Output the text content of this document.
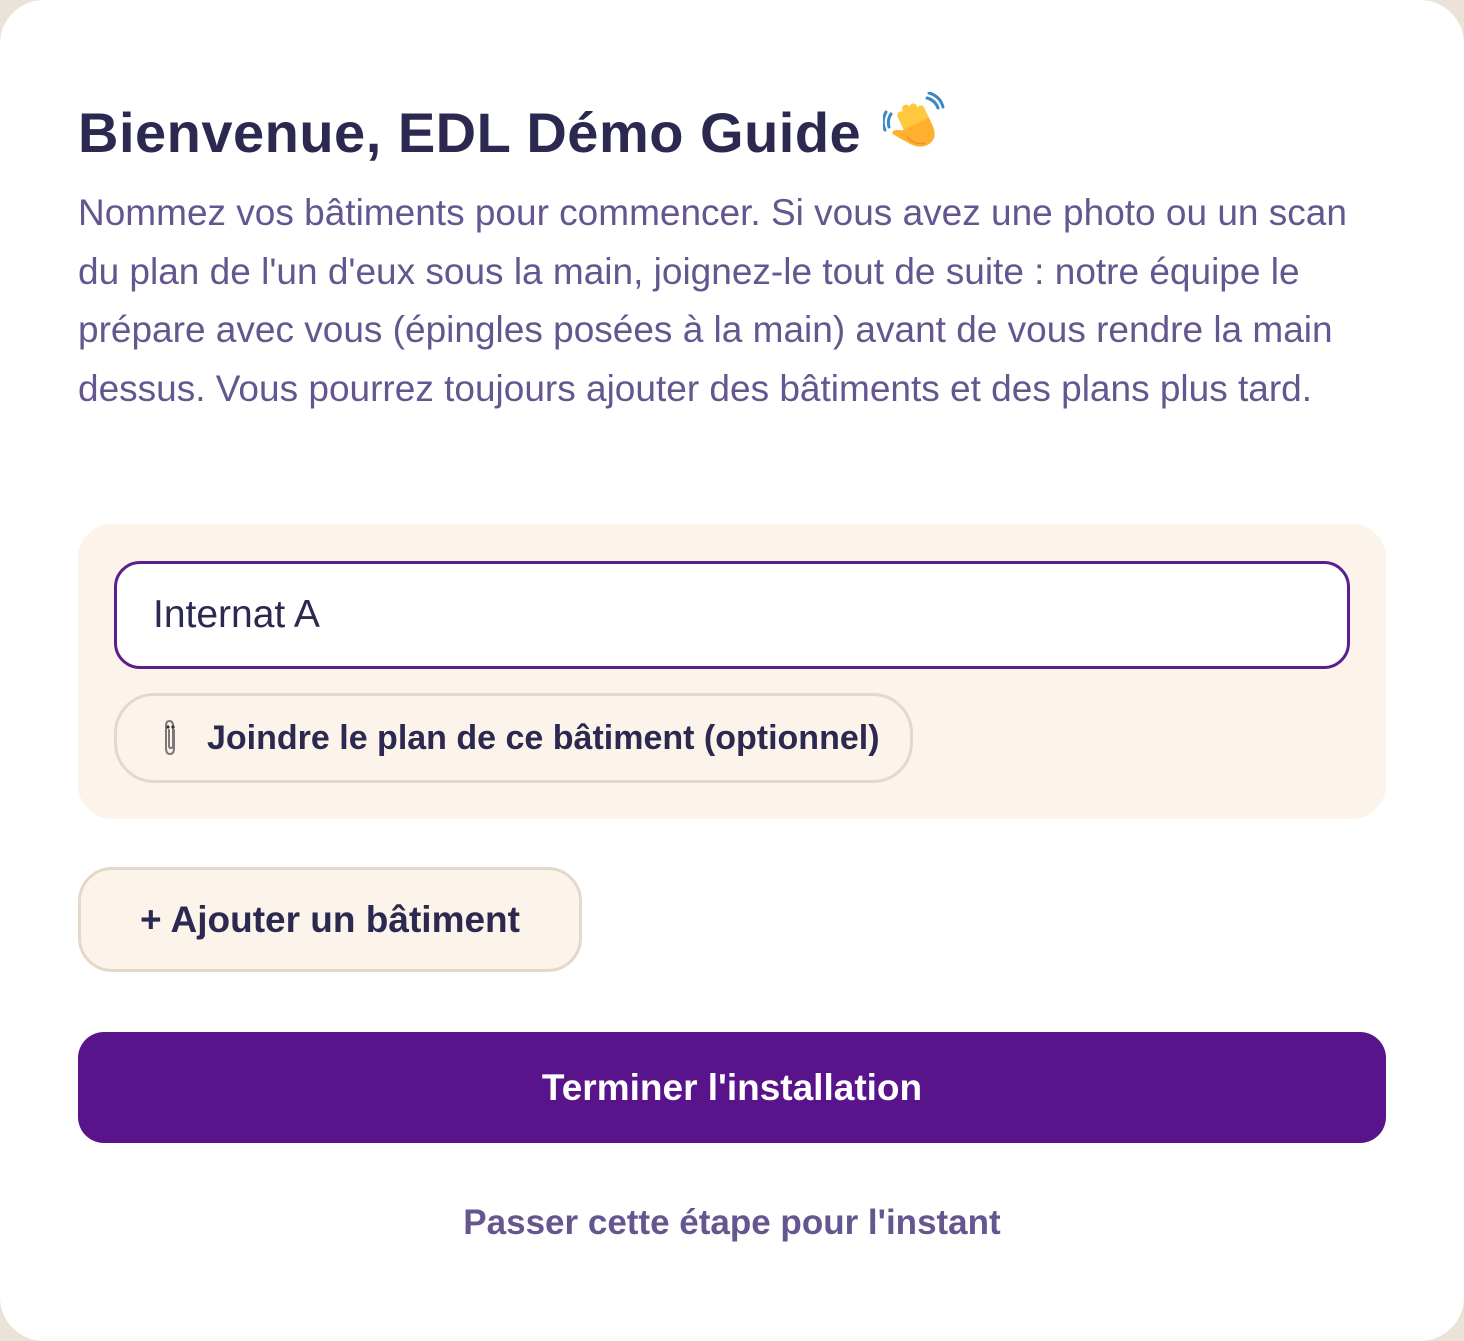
Bienvenue, EDL Démo Guide

Nommez vos bâtiments pour commencer. Si vous avez une photo ou un scan du plan de l'un d'eux sous la main, joignez-le tout de suite : notre équipe le prépare avec vous (épingles posées à la main) avant de vous rendre la main dessus. Vous pourrez toujours ajouter des bâtiments et des plans plus tard.

Internat A
Joindre le plan de ce bâtiment (optionnel)
+ Ajouter un bâtiment
Terminer l'installation
Passer cette étape pour l'instant
